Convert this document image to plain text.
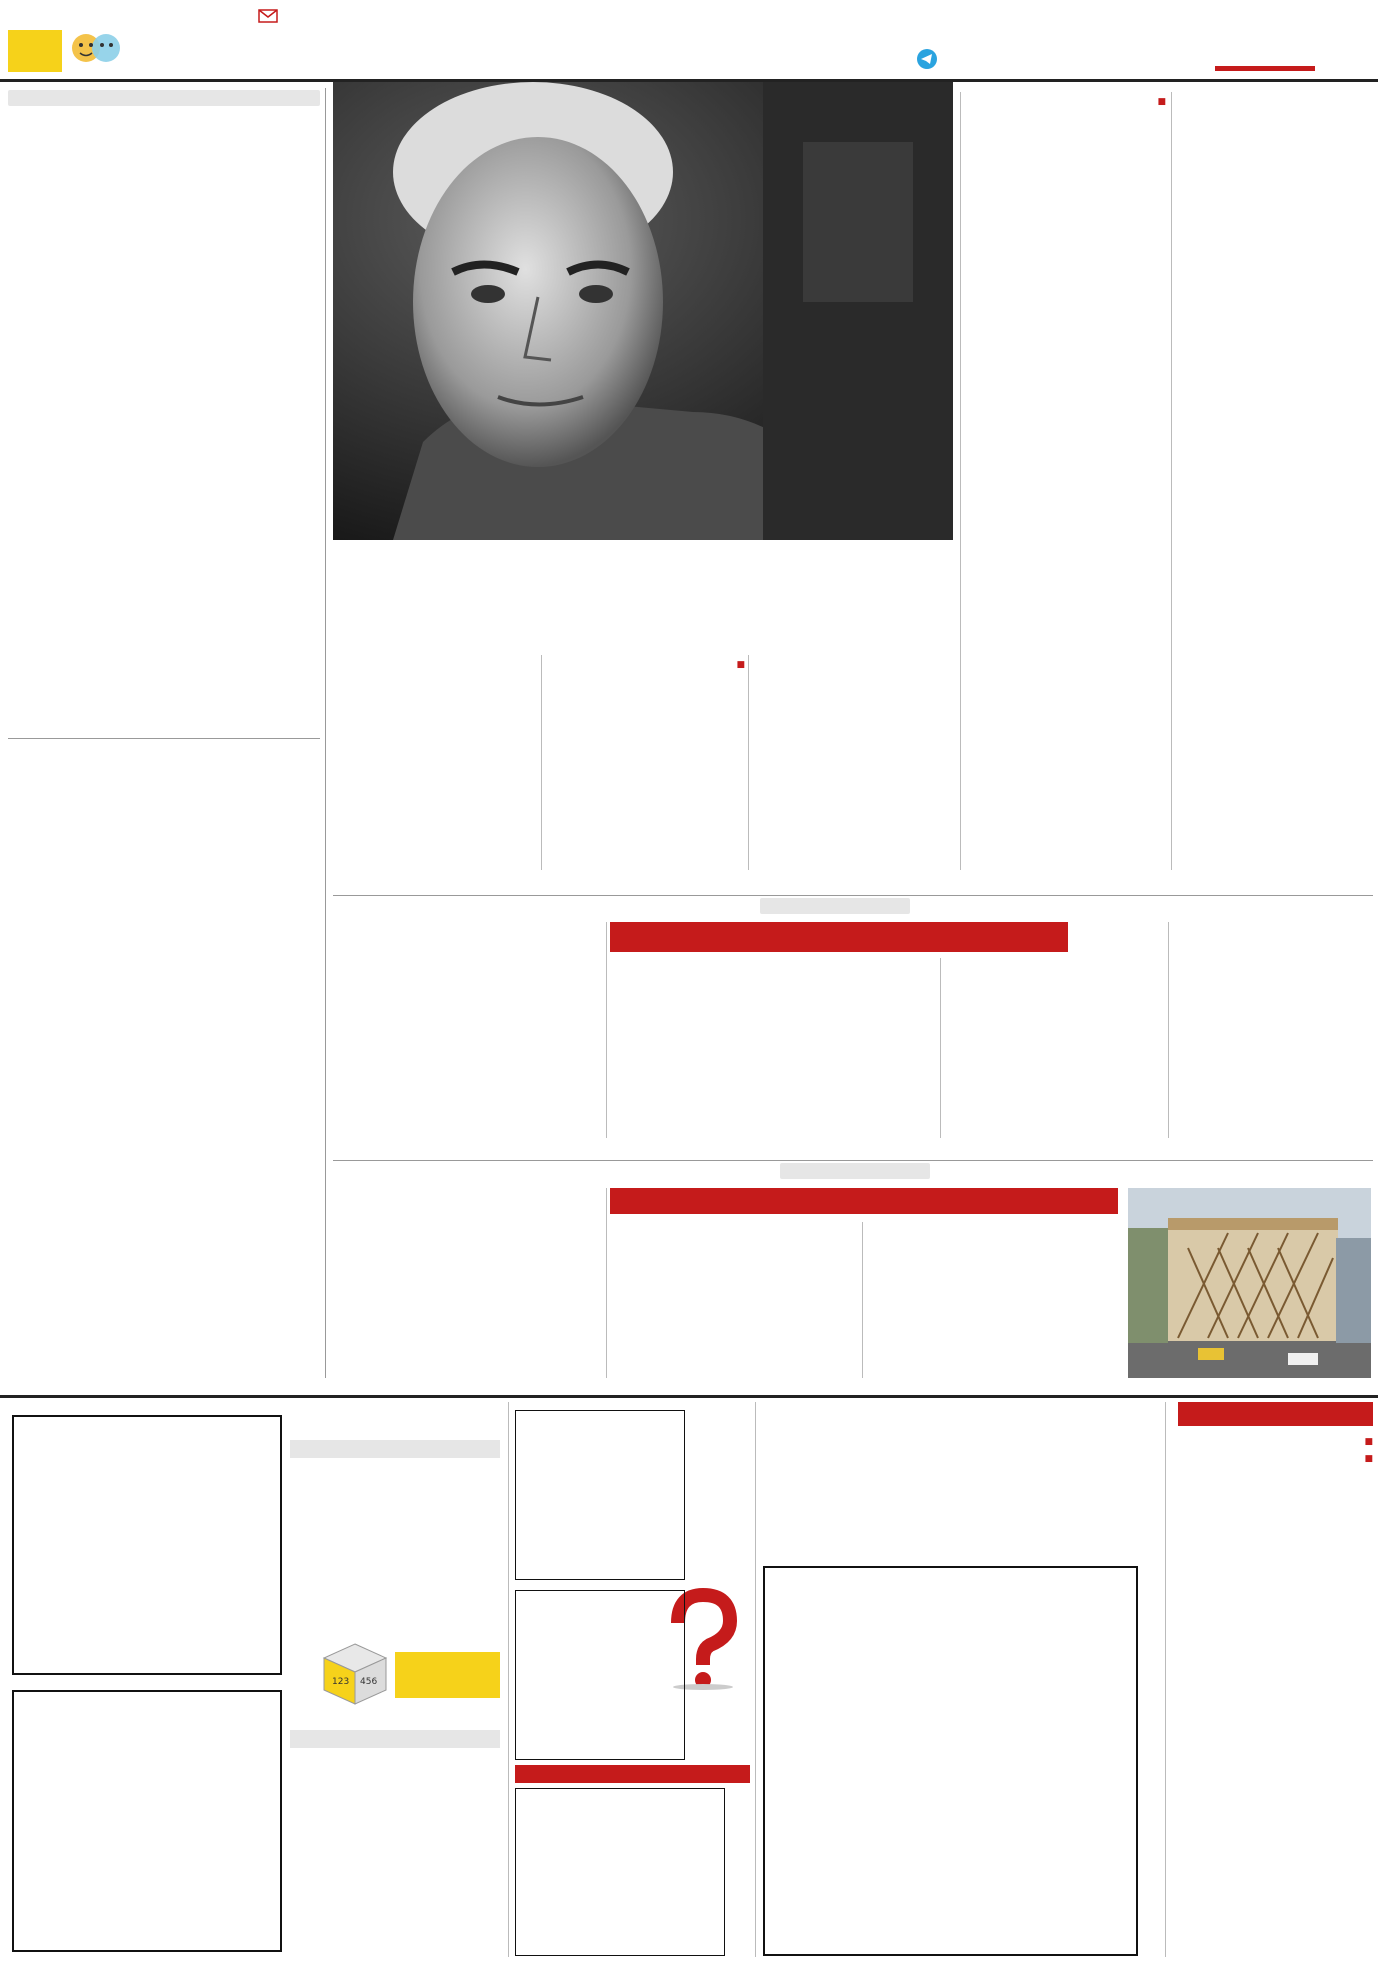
■

■

■

■

123 456
